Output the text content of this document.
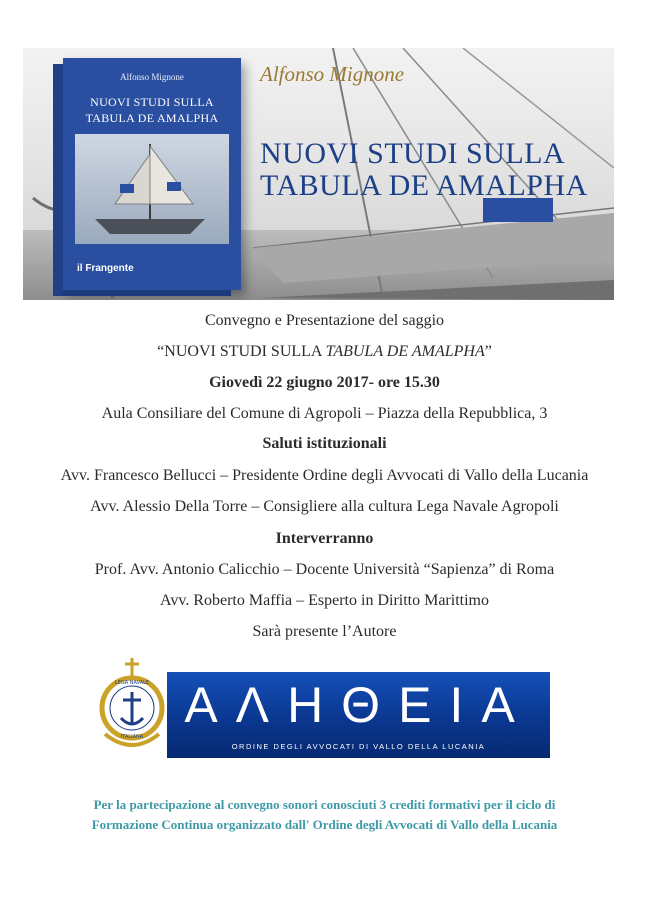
Alfonso Mignone
NUOVI STUDI SULLA
TABULA DE AMALPHA
il Frangente
Alfonso Mignone
NUOVI STUDI SULLA
TABULA DE AMALPHA
Convegno e Presentazione del saggio
“NUOVI STUDI SULLA TABULA DE AMALPHA”
Giovedì 22 giugno 2017- ore 15.30
Aula Consiliare del Comune di Agropoli – Piazza della Repubblica, 3
Saluti istituzionali
Avv. Francesco Bellucci – Presidente Ordine degli Avvocati di Vallo della Lucania
Avv. Alessio Della Torre – Consigliere alla cultura Lega Navale Agropoli
Interverranno
Prof. Avv. Antonio Calicchio – Docente Università “Sapienza” di Roma
Avv. Roberto Maffia – Esperto in Diritto Marittimo
Sarà presente l’Autore
LEGA NAVALE
ITALIANA
ΑΛΗΘΕΙΑ
ORDINE DEGLI AVVOCATI DI VALLO DELLA LUCANIA
Per la partecipazione al convegno sonori conosciuti 3 crediti formativi per il ciclo di
Formazione Continua organizzato dall' Ordine degli Avvocati di Vallo della Lucania
